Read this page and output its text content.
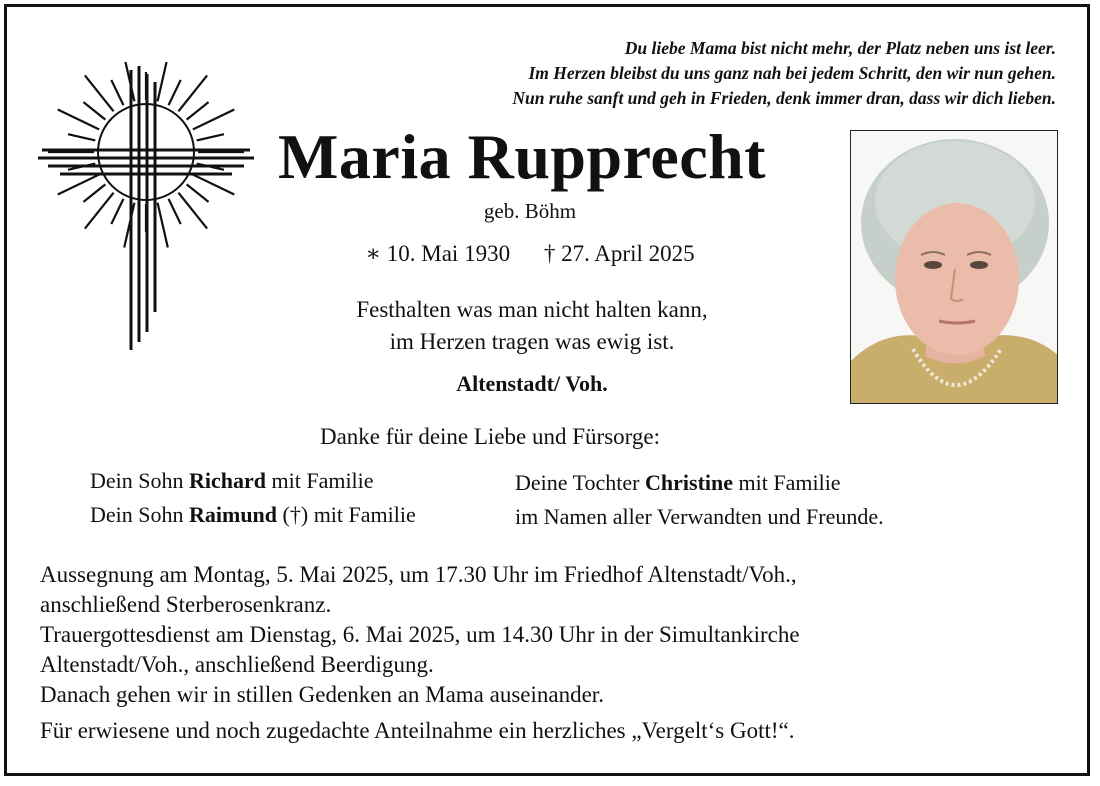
Du liebe Mama bist nicht mehr, der Platz neben uns ist leer.
Im Herzen bleibst du uns ganz nah bei jedem Schritt, den wir nun gehen.
Nun ruhe sanft und geh in Frieden, denk immer dran, dass wir dich lieben.
Maria Rupprecht
geb. Böhm
∗ 10. Mai 1930 † 27. April 2025
Festhalten was man nicht halten kann,
im Herzen tragen was ewig ist.
Altenstadt/ Voh.
Danke für deine Liebe und Fürsorge:
Dein Sohn Richard mit Familie
Dein Sohn Raimund (†) mit Familie
Deine Tochter Christine mit Familie
im Namen aller Verwandten und Freunde.
Aussegnung am Montag, 5. Mai 2025, um 17.30 Uhr im Friedhof Altenstadt/Voh.,
anschließend Sterberosenkranz.
Trauergottesdienst am Dienstag, 6. Mai 2025, um 14.30 Uhr in der Simultankirche
Altenstadt/Voh., anschließend Beerdigung.
Danach gehen wir in stillen Gedenken an Mama auseinander.
Für erwiesene und noch zugedachte Anteilnahme ein herzliches „Vergelt‘s Gott!“.
